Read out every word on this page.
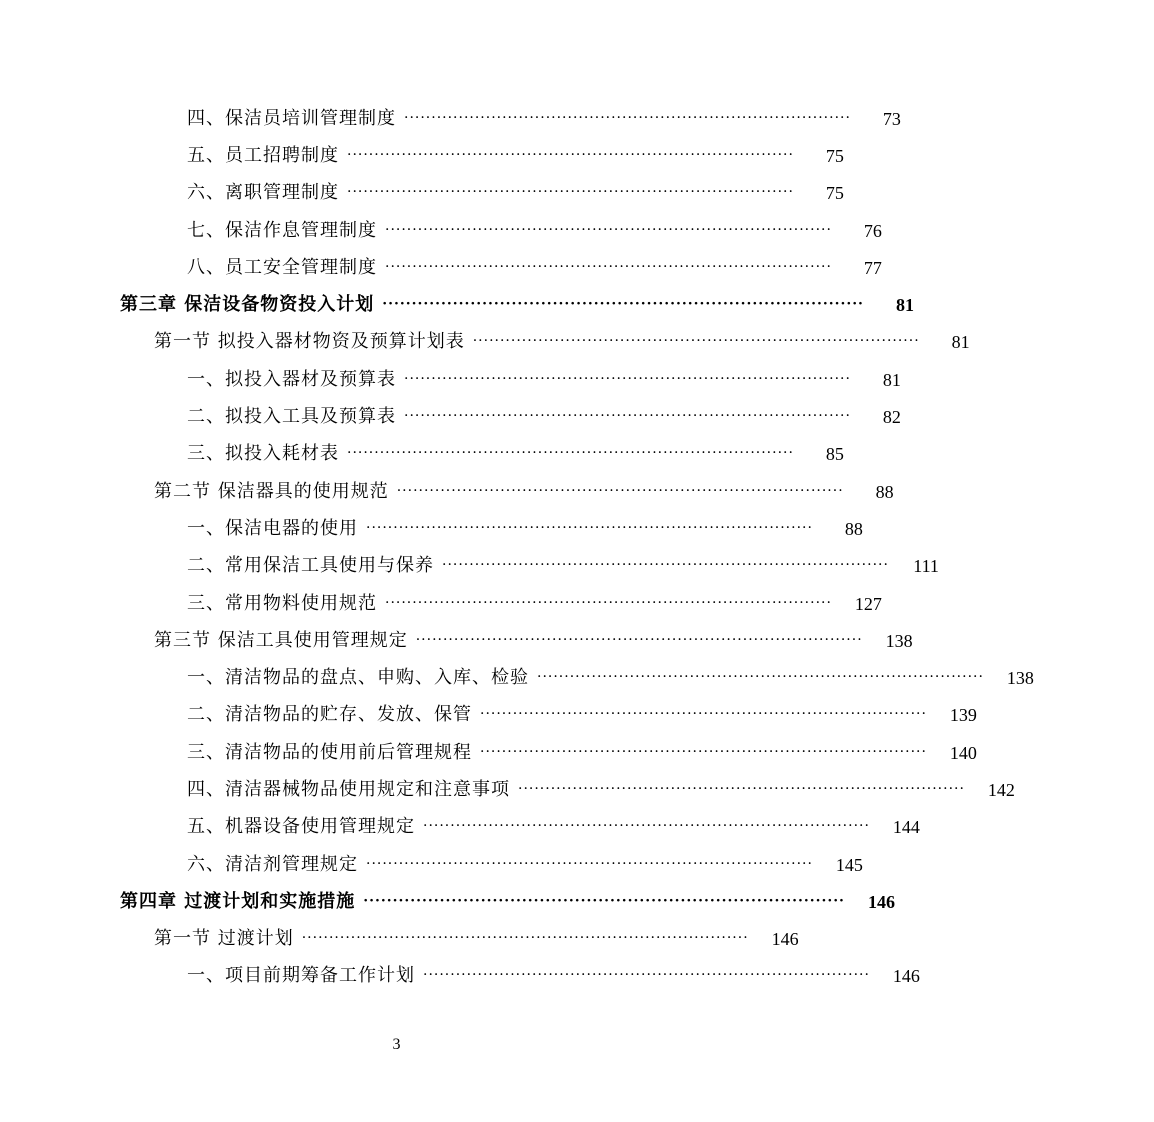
四、保洁员培训管理制度 ··················································································	73
五、员工招聘制度 ··················································································	75
六、离职管理制度 ··················································································	75
七、保洁作息管理制度 ··················································································	76
八、员工安全管理制度 ··················································································	77
第三章 保洁设备物资投入计划 ··················································································	81
第一节 拟投入器材物资及预算计划表 ··················································································	81
一、拟投入器材及预算表 ··················································································	81
二、拟投入工具及预算表 ··················································································	82
三、拟投入耗材表 ··················································································	85
第二节 保洁器具的使用规范 ··················································································	88
一、保洁电器的使用 ··················································································	88
二、常用保洁工具使用与保养 ··················································································	111
三、常用物料使用规范 ··················································································	127
第三节 保洁工具使用管理规定 ··················································································	138
一、清洁物品的盘点、申购、入库、检验 ··················································································	138
二、清洁物品的贮存、发放、保管 ··················································································	139
三、清洁物品的使用前后管理规程 ··················································································	140
四、清洁器械物品使用规定和注意事项 ··················································································	142
五、机器设备使用管理规定 ··················································································	144
六、清洁剂管理规定 ··················································································	145
第四章 过渡计划和实施措施 ··················································································	146
第一节 过渡计划 ··················································································	146
一、项目前期筹备工作计划 ··················································································	146
3
